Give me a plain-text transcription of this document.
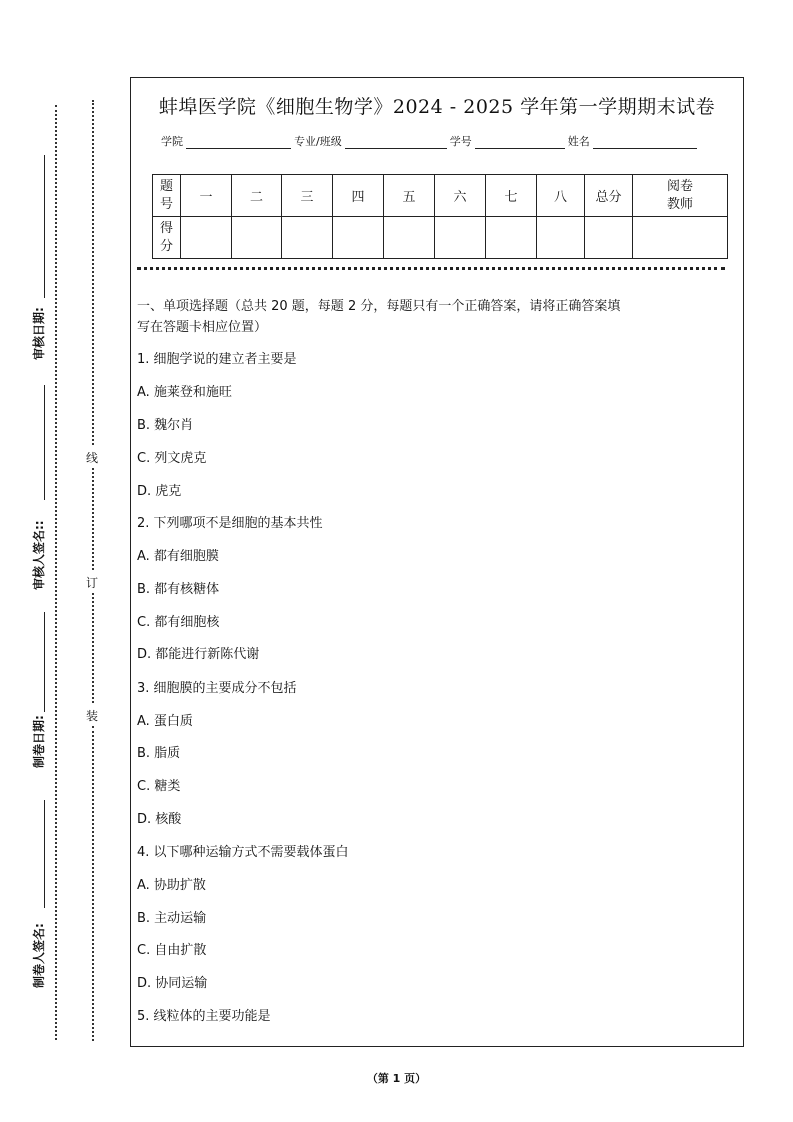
审核日期:
审核人签名::
制卷日期:
制卷人签名:
线
订
装
蚌埠医学院《细胞生物学》2024 - 2025 学年第一学期期末试卷
学院	专业/班级	学号	姓名
题号	一	二	三	四	五	六	七	八	总分	阅卷教师
得分										
一、单项选择题（总共 20 题，每题 2 分，每题只有一个正确答案，请将正确答案填
写在答题卡相应位置）
1. 细胞学说的建立者主要是
A. 施莱登和施旺
B. 魏尔肖
C. 列文虎克
D. 虎克
2. 下列哪项不是细胞的基本共性
A. 都有细胞膜
B. 都有核糖体
C. 都有细胞核
D. 都能进行新陈代谢
3. 细胞膜的主要成分不包括
A. 蛋白质
B. 脂质
C. 糖类
D. 核酸
4. 以下哪种运输方式不需要载体蛋白
A. 协助扩散
B. 主动运输
C. 自由扩散
D. 协同运输
5. 线粒体的主要功能是
（第 1 页）
